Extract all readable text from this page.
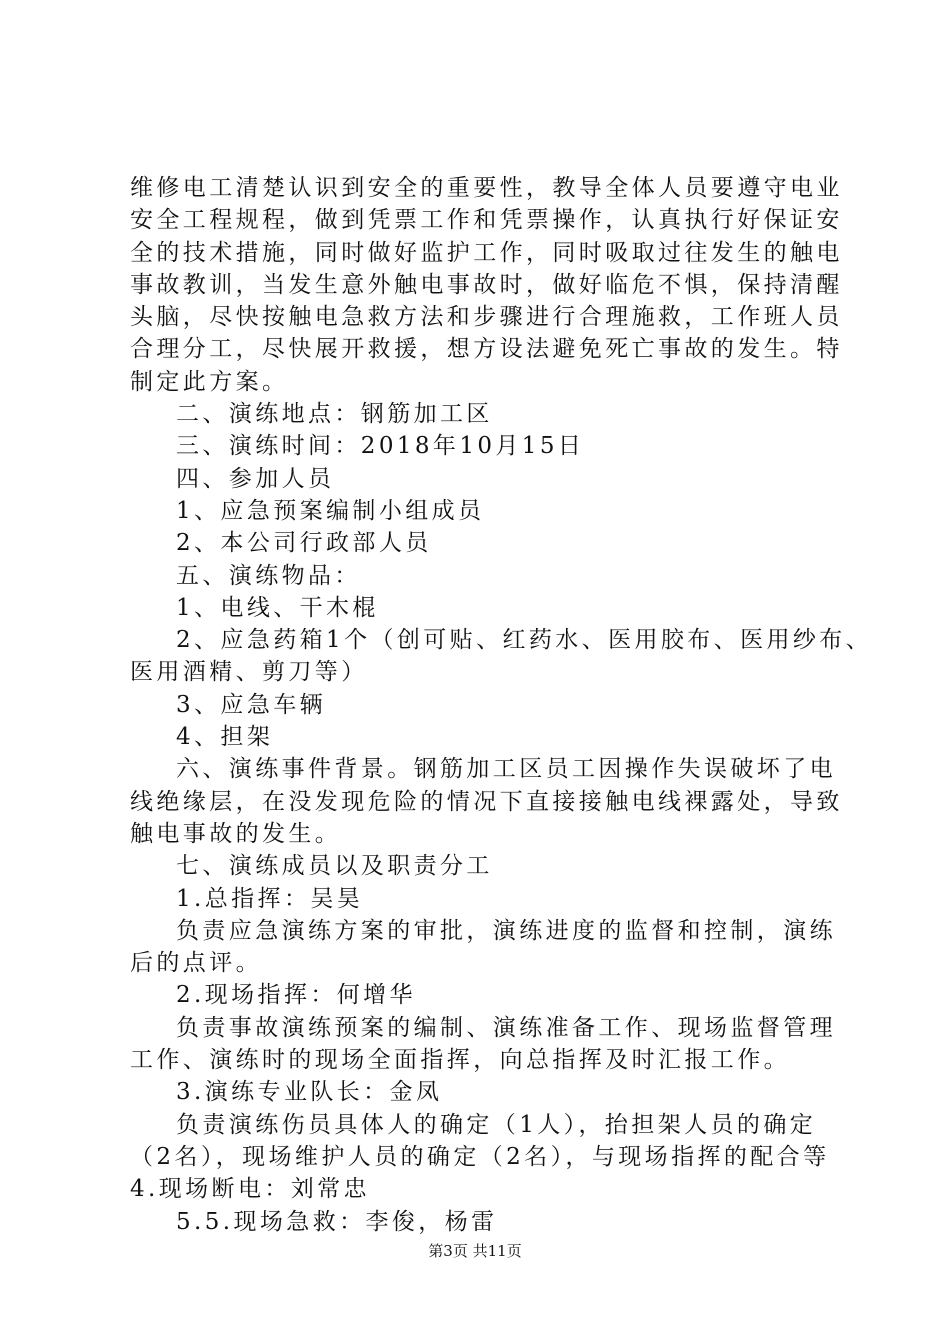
维修电工清楚认识到安全的重要性，教导全体人员要遵守电业
安全工程规程，做到凭票工作和凭票操作，认真执行好保证安
全的技术措施，同时做好监护工作，同时吸取过往发生的触电
事故教训，当发生意外触电事故时，做好临危不惧，保持清醒
头脑，尽快按触电急救方法和步骤进行合理施救，工作班人员
合理分工，尽快展开救援，想方设法避免死亡事故的发生。特
制定此方案。
二、演练地点：钢筋加工区
三、演练时间：2018年10月15日
四、参加人员
1、应急预案编制小组成员
2、本公司行政部人员
五、演练物品：
1、电线、干木棍
2、应急药箱1个（创可贴、红药水、医用胶布、医用纱布、
医用酒精、剪刀等）
3、应急车辆
4、担架
六、演练事件背景。钢筋加工区员工因操作失误破坏了电
线绝缘层，在没发现危险的情况下直接接触电线裸露处，导致
触电事故的发生。
七、演练成员以及职责分工
1.总指挥：吴昊
负责应急演练方案的审批，演练进度的监督和控制，演练
后的点评。
2.现场指挥：何增华
负责事故演练预案的编制、演练准备工作、现场监督管理
工作、演练时的现场全面指挥，向总指挥及时汇报工作。
3.演练专业队长：金凤
负责演练伤员具体人的确定（1人），抬担架人员的确定
（2名），现场维护人员的确定（2名），与现场指挥的配合等
4.现场断电：刘常忠
5.5.现场急救：李俊，杨雷
第3页 共11页
